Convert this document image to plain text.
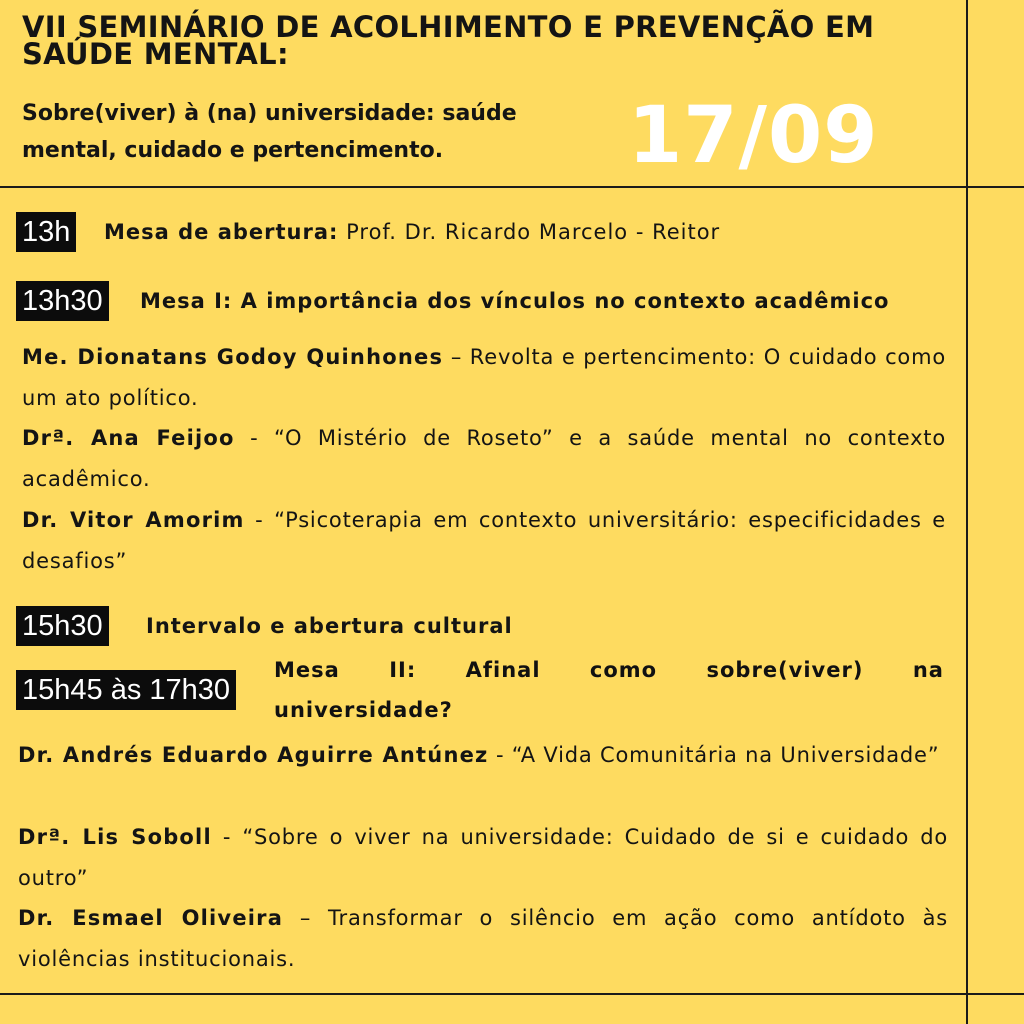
VII SEMINÁRIO DE ACOLHIMENTO E PREVENÇÃO EM SAÚDE MENTAL:
Sobre(viver) à (na) universidade: saúde mental, cuidado e pertencimento.	17/09
13h Mesa de abertura: Prof. Dr. Ricardo Marcelo - Reitor
13h30 Mesa I: A importância dos vínculos no contexto acadêmico
Me. Dionatans Godoy Quinhones – Revolta e pertencimento: O cuidado como um ato político.
Drª. Ana Feijoo - “O Mistério de Roseto” e a saúde mental no contexto acadêmico.
Dr. Vitor Amorim - “Psicoterapia em contexto universitário: especificidades e desafios”
15h30 Intervalo e abertura cultural
15h45 às 17h30
Mesa II: Afinal como sobre(viver) na
universidade?
Dr. Andrés Eduardo Aguirre Antúnez - “A Vida Comunitária na Universidade”
Drª. Lis Soboll - “Sobre o viver na universidade: Cuidado de si e cuidado do outro”
Dr. Esmael Oliveira – Transformar o silêncio em ação como antídoto às violências institucionais.
